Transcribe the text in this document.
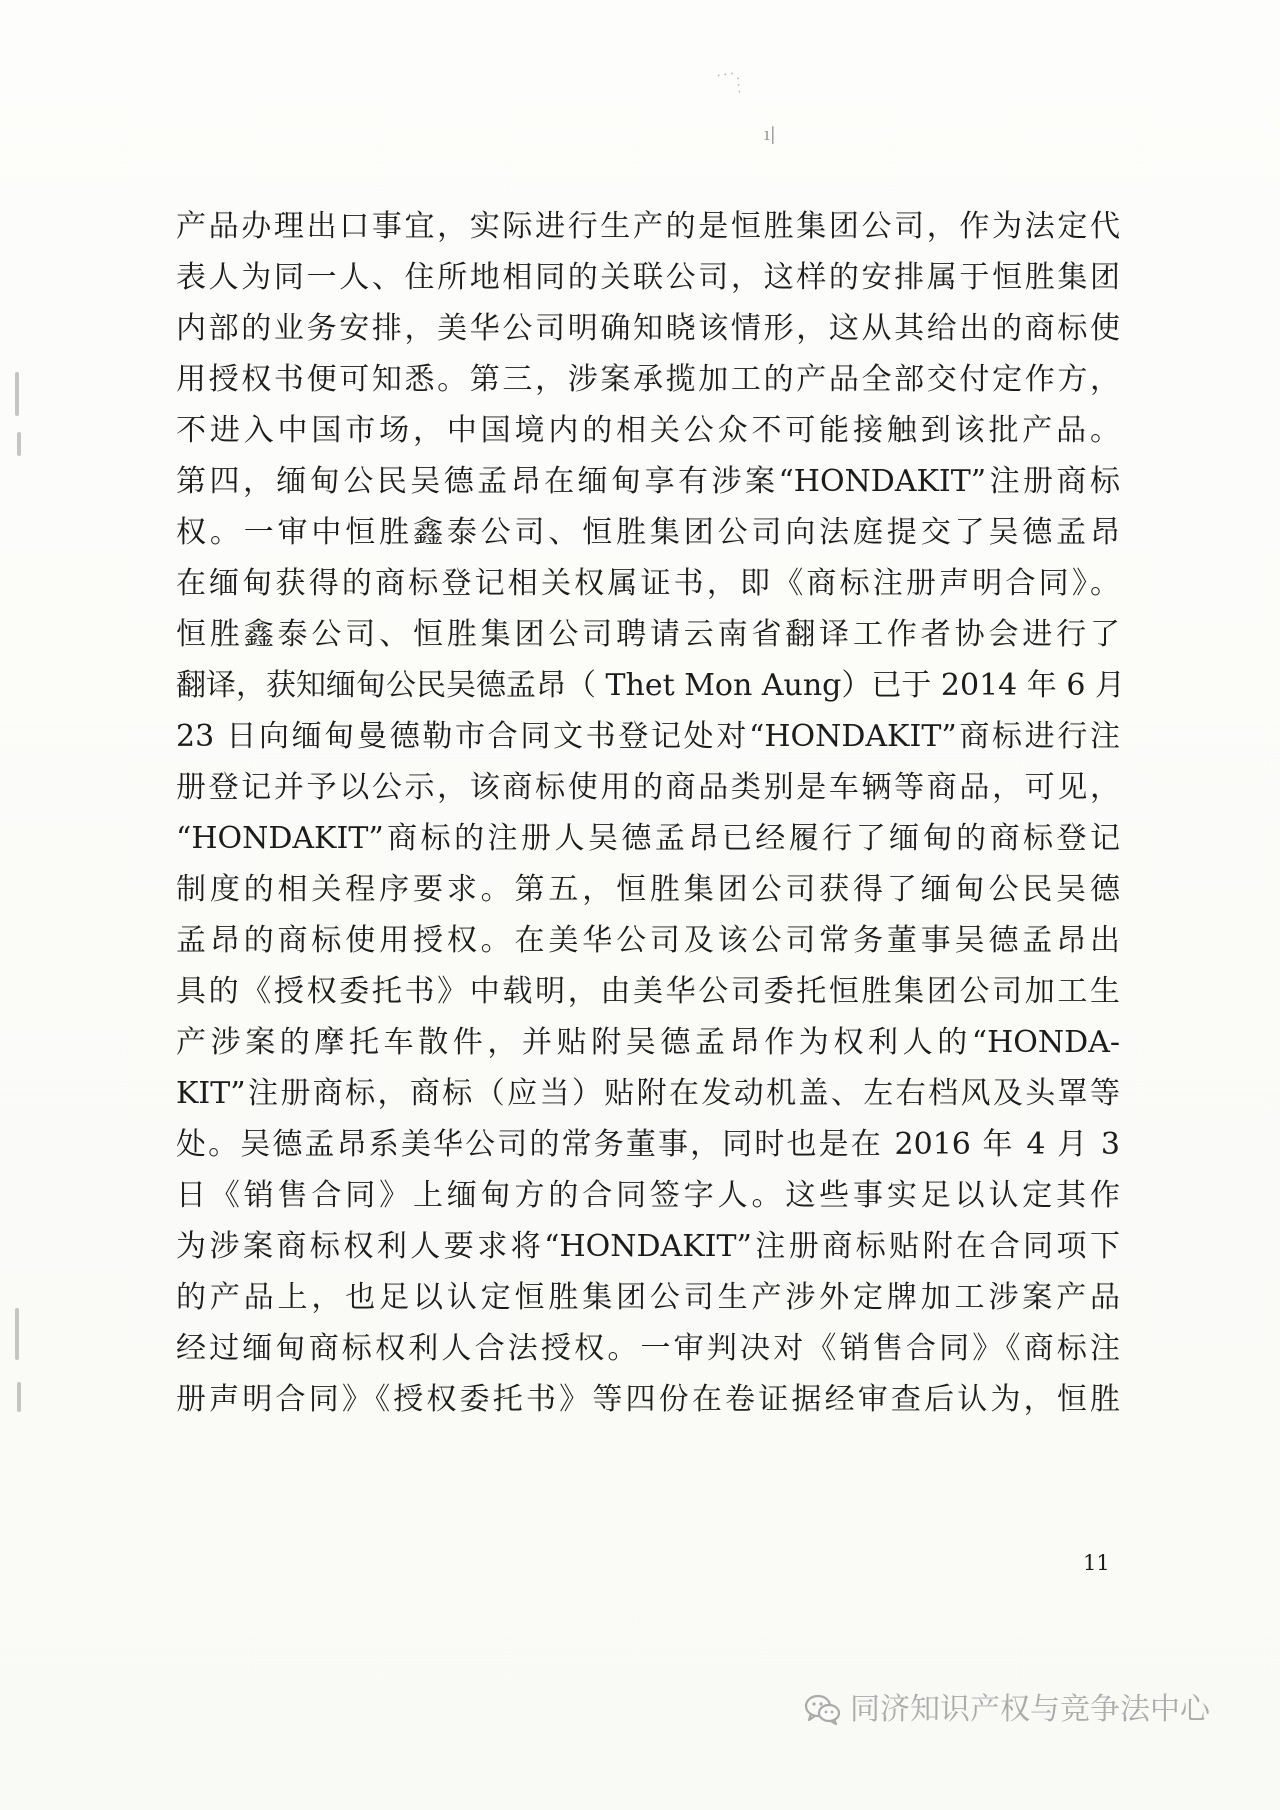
⋰⋱
ı|
产品办理出口事宜，实际进行生产的是恒胜集团公司，作为法定代
表人为同一人、住所地相同的关联公司，这样的安排属于恒胜集团
内部的业务安排，美华公司明确知晓该情形，这从其给出的商标使
用授权书便可知悉。第三，涉案承揽加工的产品全部交付定作方，
不进入中国市场，中国境内的相关公众不可能接触到该批产品。
第四，缅甸公民吴德孟昂在缅甸享有涉案“HONDAKIT”注册商标
权。一审中恒胜鑫泰公司、恒胜集团公司向法庭提交了吴德孟昂
在缅甸获得的商标登记相关权属证书，即《商标注册声明合同》。
恒胜鑫泰公司、恒胜集团公司聘请云南省翻译工作者协会进行了
翻译，获知缅甸公民吴德孟昂（ Thet Mon Aung）已于 2014 年 6 月
23 日向缅甸曼德勒市合同文书登记处对“HONDAKIT”商标进行注
册登记并予以公示，该商标使用的商品类别是车辆等商品，可见，
“HONDAKIT”商标的注册人吴德孟昂已经履行了缅甸的商标登记
制度的相关程序要求。第五，恒胜集团公司获得了缅甸公民吴德
孟昂的商标使用授权。在美华公司及该公司常务董事吴德孟昂出
具的《授权委托书》中载明，由美华公司委托恒胜集团公司加工生
产涉案的摩托车散件，并贴附吴德孟昂作为权利人的“HONDA-
KIT”注册商标，商标（应当）贴附在发动机盖、左右档风及头罩等
处。吴德孟昂系美华公司的常务董事，同时也是在 2016 年 4 月 3
日《销售合同》上缅甸方的合同签字人。这些事实足以认定其作
为涉案商标权利人要求将“HONDAKIT”注册商标贴附在合同项下
的产品上，也足以认定恒胜集团公司生产涉外定牌加工涉案产品
经过缅甸商标权利人合法授权。一审判决对《销售合同》《商标注
册声明合同》《授权委托书》等四份在卷证据经审查后认为，恒胜
11
同济知识产权与竞争法中心
